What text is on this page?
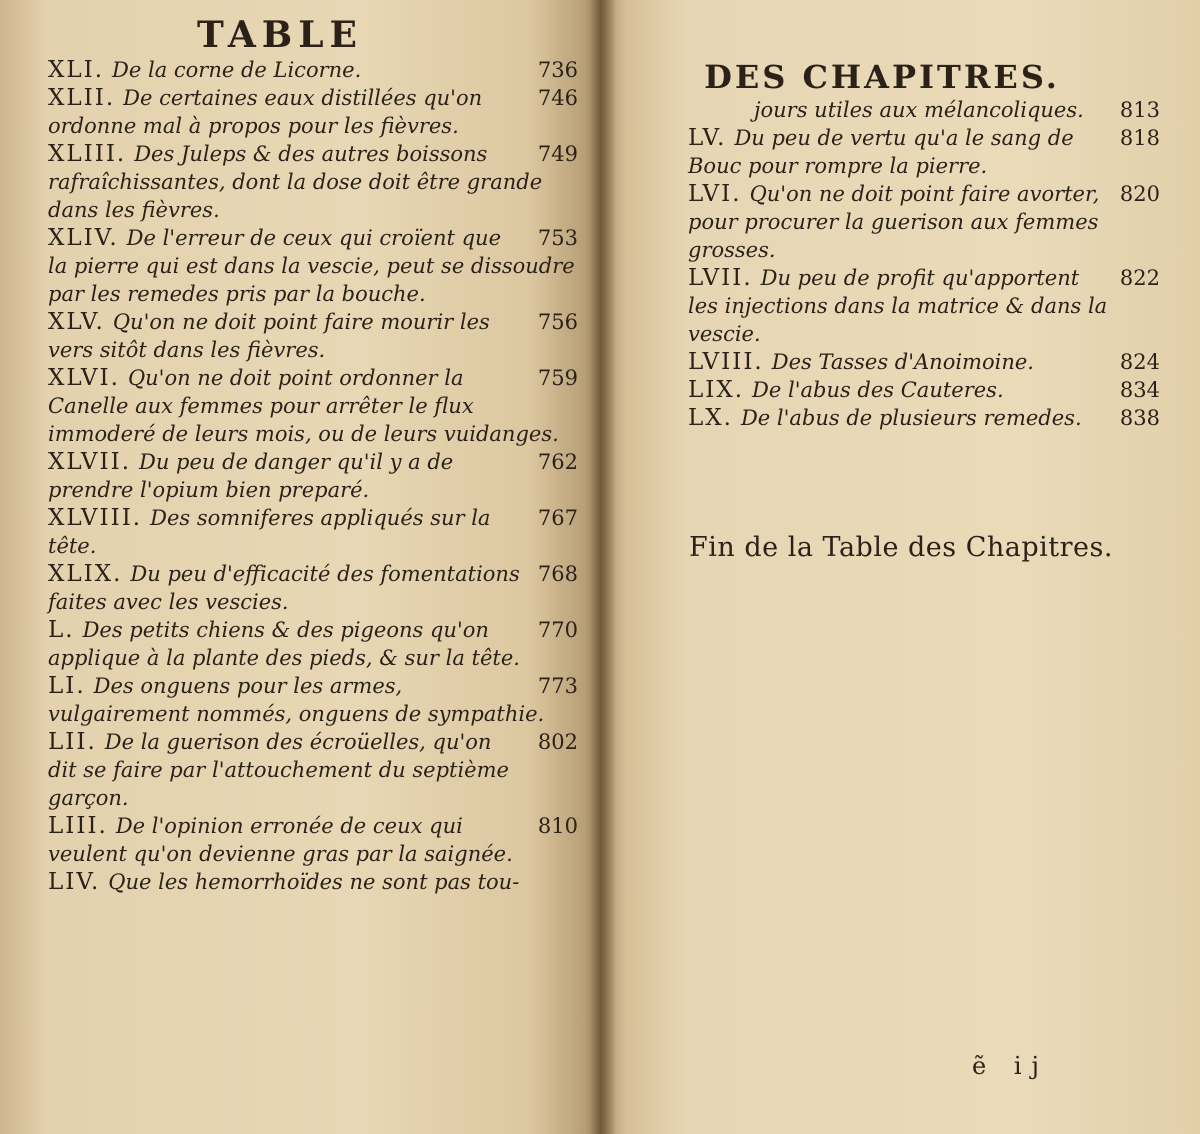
TABLE
736
XLI. De la corne de Licorne.
746
XLII. De certaines eaux distillées qu'on ordonne mal à propos pour les fièvres.
749
XLIII. Des Juleps & des autres boissons rafraîchissantes, dont la dose doit être grande dans les fièvres.
753
XLIV. De l'erreur de ceux qui croïent que la pierre qui est dans la vescie, peut se dissoudre par les remedes pris par la bouche.
756
XLV. Qu'on ne doit point faire mourir les vers sitôt dans les fièvres.
759
XLVI. Qu'on ne doit point ordonner la Canelle aux femmes pour arrêter le flux immoderé de leurs mois, ou de leurs vuidanges.
762
XLVII. Du peu de danger qu'il y a de prendre l'opium bien preparé.
767
XLVIII. Des somniferes appliqués sur la tête.
768
XLIX. Du peu d'efficacité des fomentations faites avec les vescies.
770
L. Des petits chiens & des pigeons qu'on applique à la plante des pieds, & sur la tête.
773
LI. Des onguens pour les armes, vulgairement nommés, onguens de sympathie.
802
LII. De la guerison des écroüelles, qu'on dit se faire par l'attouchement du septième garçon.
810
LIII. De l'opinion erronée de ceux qui veulent qu'on devienne gras par la saignée.
LIV. Que les hemorrhoïdes ne sont pas tou-
DES CHAPITRES.
813
jours utiles aux mélancoliques.
818
LV. Du peu de vertu qu'a le sang de Bouc pour rompre la pierre.
820
LVI. Qu'on ne doit point faire avorter, pour procurer la guerison aux femmes grosses.
822
LVII. Du peu de profit qu'apportent les injections dans la matrice & dans la vescie.
824
LVIII. Des Tasses d'Anoimoine.
834
LIX. De l'abus des Cauteres.
838
LX. De l'abus de plusieurs remedes.
Fin de la Table des Chapitres.
ẽ ij
